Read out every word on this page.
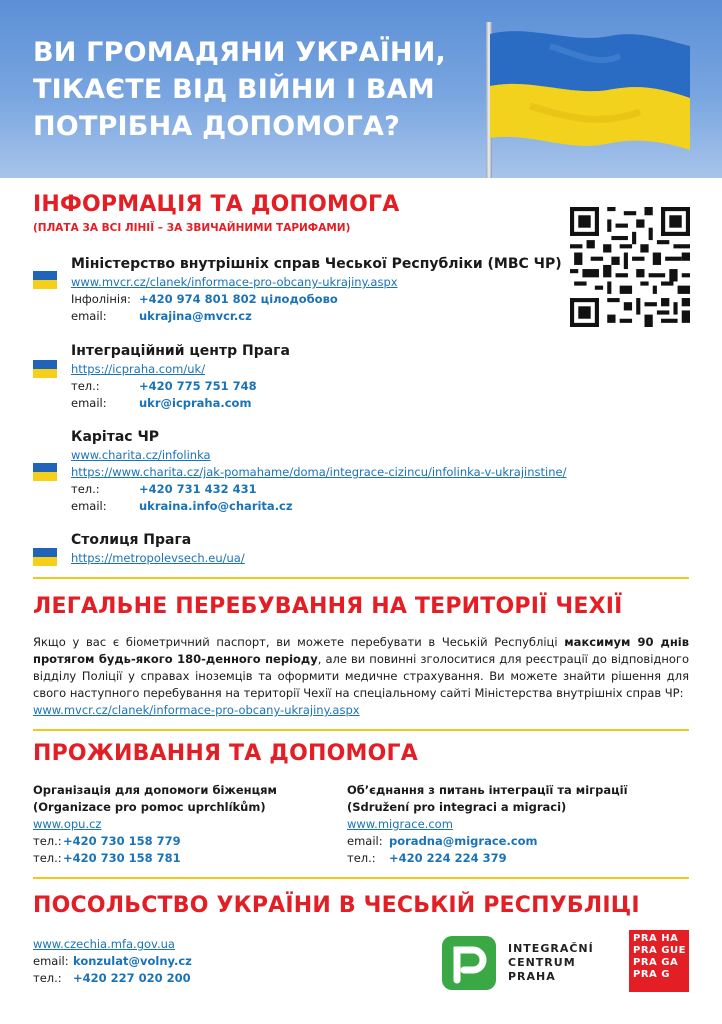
ВИ ГРОМАДЯНИ УКРАЇНИ,
ТІКАЄТЕ ВІД ВІЙНИ І ВАМ
ПОТРІБНА ДОПОМОГА?
ІНФОРМАЦІЯ ТА ДОПОМОГА
(ПЛАТА ЗА ВСІ ЛІНІЇ – ЗА ЗВИЧАЙНИМИ ТАРИФАМИ)
Міністерство внутрішніх справ Чеської Республіки (МВС ЧР)
www.mvcr.cz/clanek/informace-pro-obcany-ukrajiny.aspx
Інфолінія: +420 974 801 802 цілодобово
email:	ukrajina@mvcr.cz
Інтеграційний центр Прага
https://icpraha.com/uk/
тел.:	+420 775 751 748
email:	ukr@icpraha.com
Карітас ЧР
www.charita.cz/infolinka
https://www.charita.cz/jak-pomahame/doma/integrace-cizincu/infolinka-v-ukrajinstine/
тел.:	+420 731 432 431
email:	ukraina.info@charita.cz
Столиця Прага
https://metropolevsech.eu/ua/
ЛЕГАЛЬНЕ ПЕРЕБУВАННЯ НА ТЕРИТОРІЇ ЧЕХІЇ
Якщо у вас є біометричний паспорт, ви можете перебувати в Чеській Республіці максимум 90 днів протягом будь-якого 180-денного періоду, але ви повинні зголоситися для реєстрації до відповідного відділу Поліції у справах іноземців та оформити медичне страхування. Ви можете знайти рішення для свого наступного перебування на території Чехії на спеціальному сайті Міністерства внутрішніх справ ЧР:
www.mvcr.cz/clanek/informace-pro-obcany-ukrajiny.aspx
ПРОЖИВАННЯ ТА ДОПОМОГА
Організація для допомоги біженцям
(Organizace pro pomoc uprchlíkům)
www.opu.cz
тел.: +420 730 158 779
тел.: +420 730 158 781
Об’єднання з питань інтеграції та міграції
(Sdružení pro integraci a migraci)
www.migrace.com
email: poradna@migrace.com
тел.:	+420 224 224 379
ПОСОЛЬСТВО УКРАЇНИ В ЧЕСЬКІЙ РЕСПУБЛІЦІ
www.czechia.mfa.gov.ua
email: konzulat@volny.cz
тел.: +420 227 020 200
INTEGRAČNÍ
CENTRUM
PRAHA
PRA HA
PRA GUE
PRA GA
PRA G
